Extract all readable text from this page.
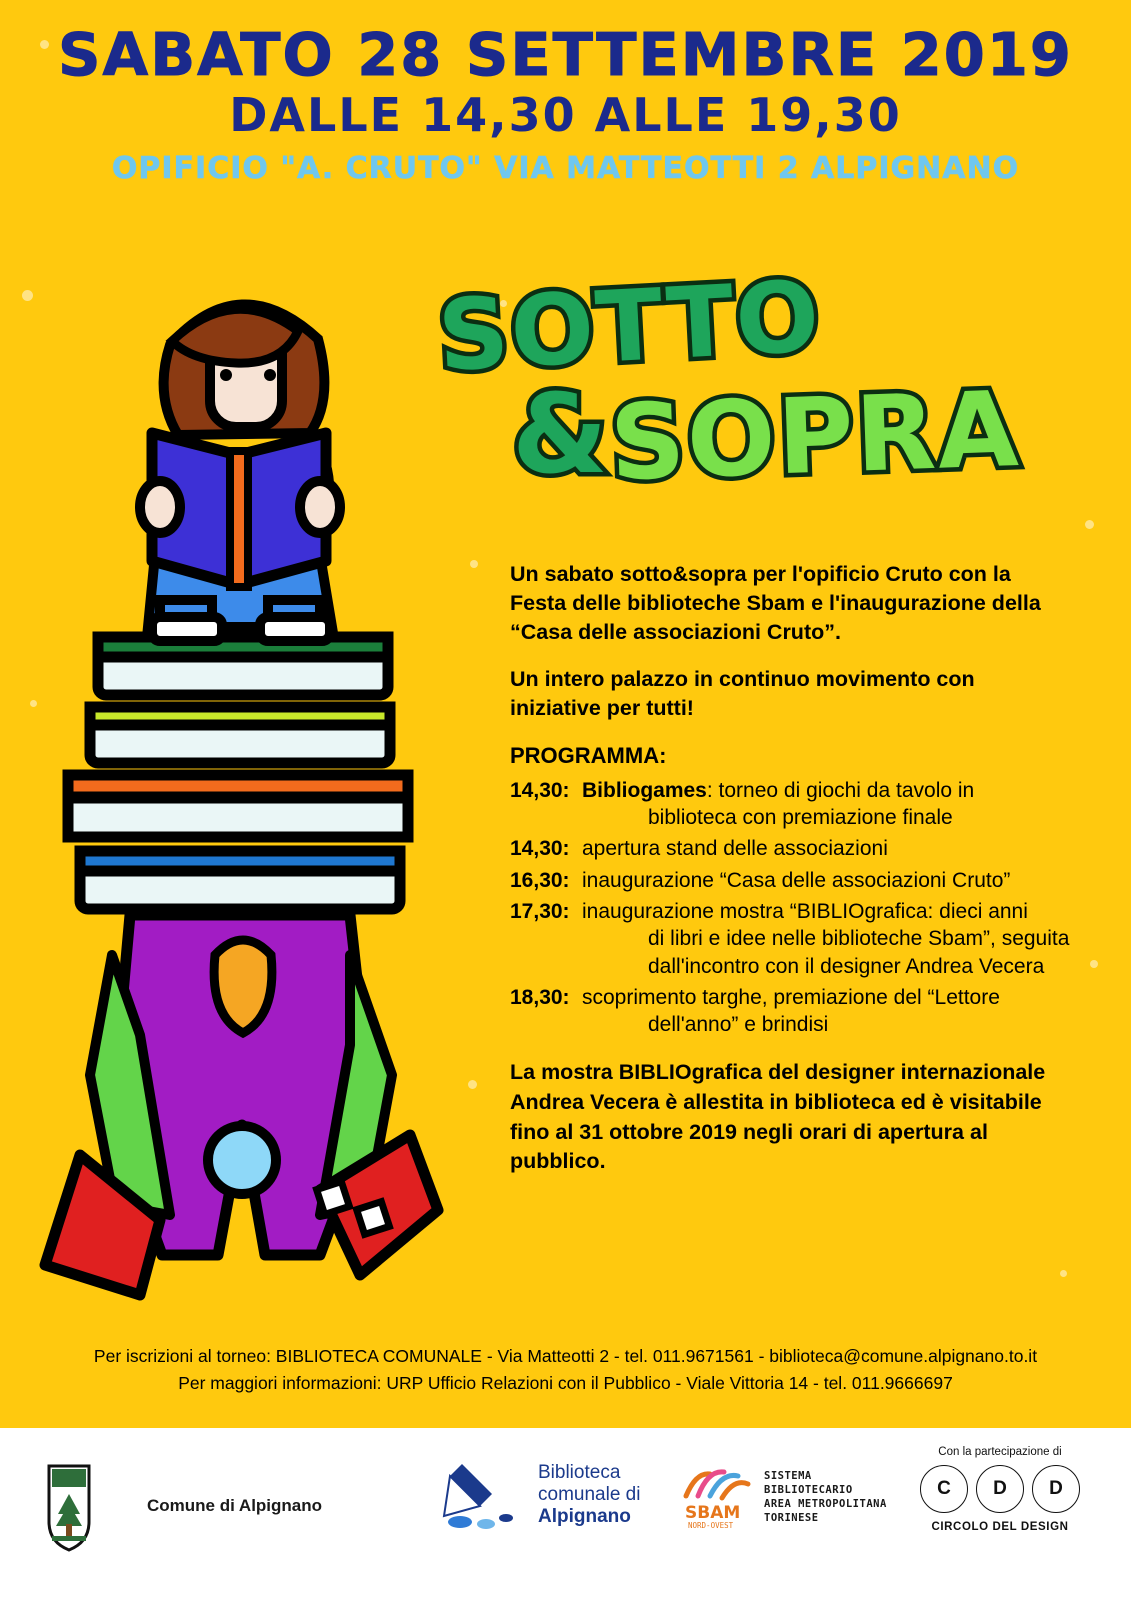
SABATO 28 SETTEMBRE 2019
DALLE 14,30 ALLE 19,30
OPIFICIO "A. CRUTO" VIA MATTEOTTI 2 ALPIGNANO
SOTTO
&
SOPRA
Un sabato sotto&sopra per l'opificio Cruto con la Festa delle biblioteche Sbam e l'inaugurazione della “Casa delle associazioni Cruto”.
Un intero palazzo in continuo movimento con iniziative per tutti!
PROGRAMMA:
14,30: Bibliogames: torneo di giochi da tavolo in
biblioteca con premiazione finale
14,30: apertura stand delle associazioni
16,30: inaugurazione “Casa delle associazioni Cruto”
17,30: inaugurazione mostra “BIBLIOgrafica: dieci anni
di libri e idee nelle biblioteche Sbam”, seguita
dall'incontro con il designer Andrea Vecera
18,30: scoprimento targhe, premiazione del “Lettore
dell'anno” e brindisi
La mostra BIBLIOgrafica del designer internazionale Andrea Vecera è allestita in biblioteca ed è visitabile fino al 31 ottobre 2019 negli orari di apertura al pubblico.
Per iscrizioni al torneo: BIBLIOTECA COMUNALE - Via Matteotti 2 - tel. 011.9671561 - biblioteca@comune.alpignano.to.it
Per maggiori informazioni: URP Ufficio Relazioni con il Pubblico - Viale Vittoria 14 - tel. 011.9666697
Comune di Alpignano
Biblioteca
comunale di
Alpignano	SBAM
NORD-OVEST
SISTEMA
BIBLIOTECARIO
AREA METROPOLITANA
TORINESE
Con la partecipazione di
C	D	D
CIRCOLO DEL DESIGN
